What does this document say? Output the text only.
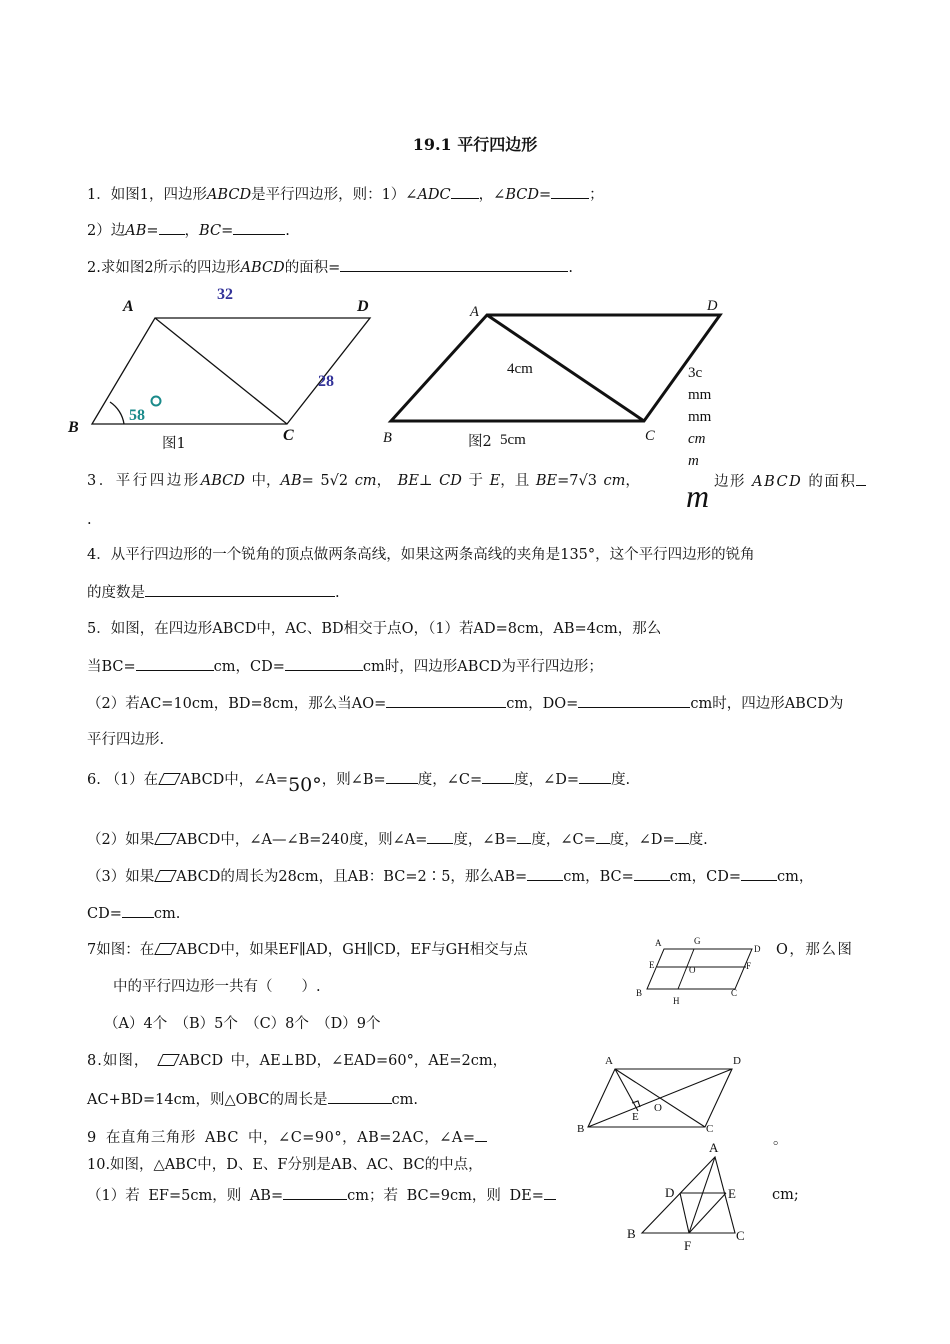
19.1 平行四边形
1．如图1，四边形ABCD是平行四边形，则：1）∠ADC ，∠BCD=	；
2）边AB= ，BC=	.
2.求如图2所示的四边形ABCD的面积=	.
A	D
B	C
32
28
58
图1
A	D
B	C
4cm
图2 5cm
3c
mm
mm
cm
m
m
3．平行四边形ABCD 中，AB= 5√2 cm， BE⊥ CD 于 E，且 BE=7√3 cm，	边形 ABCD 的面积
.
4．从平行四边形的一个锐角的顶点做两条高线，如果这两条高线的夹角是135°，这个平行四边形的锐角
的度数是	.
5．如图，在四边形ABCD中，AC、BD相交于点O，（1）若AD=8cm，AB=4cm，那么
当BC=	cm，CD=	cm时，四边形ABCD为平行四边形；
（2）若AC=10cm，BD=8cm，那么当AO=	cm，DO=	cm时，四边形ABCD为
平行四边形.
6. （1）在 ABCD中，∠A=50°，则∠B= 度，∠C= 度，∠D= 度.
（2）如果 ABCD中，∠A—∠B=240度，则∠A= 度，∠B= 度，∠C= 度，∠D= 度.
（3）如果 ABCD的周长为28cm，且AB：BC=2∶5，那么AB= cm，BC= cm，CD= cm，
CD= cm.
7如图：在 ABCD中，如果EF∥AD，GH∥CD，EF与GH相交与点	O，那么图
中的平行四边形一共有（　　）.
（A）4个　（B）5个　（C）8个　（D）9个
A	G
D
E	O	F
B
H
C
8.如图， ABCD 中，AE⊥BD，∠EAD=60°，AE=2cm，
AC+BD=14cm，则△OBC的周长是	cm.
A	D
B	C
E
O
9 在直角三角形 ABC 中，∠C=90°，AB=2AC，∠A=	。
10.如图，△ABC中，D、E、F分别是AB、AC、BC的中点，
（1）若 EF=5cm，则 AB=	cm；若 BC=9cm，则 DE=	cm;
A
D	E
B
F
C
